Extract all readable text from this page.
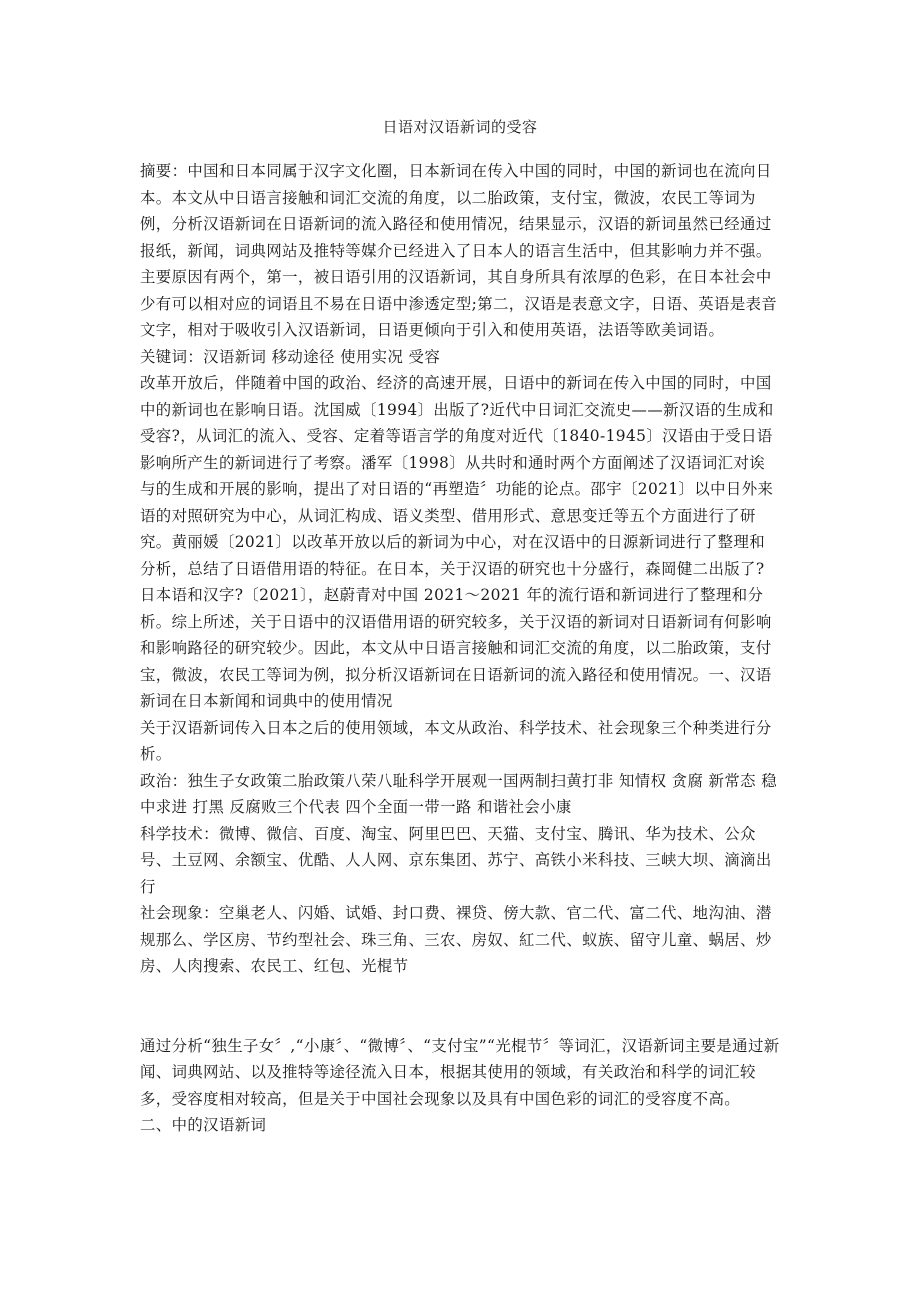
日语对汉语新词的受容

摘要：中国和日本同属于汉字文化圈，日本新词在传入中国的同时，中国的新词也在流向日本。本文从中日语言接触和词汇交流的角度，以二胎政策，支付宝，微波，农民工等词为例，分析汉语新词在日语新词的流入路径和使用情况，结果显示，汉语的新词虽然已经通过报纸，新闻，词典网站及推特等媒介已经进入了日本人的语言生活中，但其影响力并不强。主要原因有两个，第一，被日语引用的汉语新词，其自身所具有浓厚的色彩，在日本社会中少有可以相对应的词语且不易在日语中渗透定型;第二，汉语是表意文字，日语、英语是表音文字，相对于吸收引入汉语新词，日语更倾向于引入和使用英语，法语等欧美词语。

关键词：汉语新词 移动途径 使用实况 受容

改革开放后，伴随着中国的政治、经济的高速开展，日语中的新词在传入中国的同时，中国中的新词也在影响日语。沈国威〔1994〕出版了?近代中日词汇交流史——新汉语的生成和受容?，从词汇的流入、受容、定着等语言学的角度对近代〔1840-1945〕汉语由于受日语影响所产生的新词进行了考察。潘军〔1998〕从共时和通时两个方面阐述了汉语词汇对诶与的生成和开展的影响，提出了对日语的“再塑造〞功能的论点。邵宇〔2021〕以中日外来语的对照研究为中心，从词汇构成、语义类型、借用形式、意思变迁等五个方面进行了研究。黄丽媛〔2021〕以改革开放以后的新词为中心，对在汉语中的日源新词进行了整理和分析，总结了日语借用语的特征。在日本，关于汉语的研究也十分盛行，森岡健二出版了?日本语和汉字?〔2021〕，赵蔚青对中国 2021～2021 年的流行语和新词进行了整理和分析。综上所述，关于日语中的汉语借用语的研究较多，关于汉语的新词对日语新词有何影响和影响路径的研究较少。因此，本文从中日语言接触和词汇交流的角度，以二胎政策，支付宝，微波，农民工等词为例，拟分析汉语新词在日语新词的流入路径和使用情况。一、汉语新词在日本新闻和词典中的使用情况

关于汉语新词传入日本之后的使用领域，本文从政治、科学技术、社会现象三个种类进行分析。

政治：独生子女政策二胎政策八荣八耻科学开展观一国两制扫黄打非 知情权 贪腐 新常态 稳中求进 打黑 反腐败三个代表 四个全面一带一路 和谐社会小康

科学技术：微博、微信、百度、淘宝、阿里巴巴、天猫、支付宝、腾讯、华为技术、公众号、土豆网、余额宝、优酷、人人网、京东集团、苏宁、高铁小米科技、三峡大坝、滴滴出行

社会现象：空巢老人、闪婚、试婚、封口费、裸贷、傍大款、官二代、富二代、地沟油、潜规那么、学区房、节约型社会、珠三角、三农、房奴、紅二代、蚁族、留守儿童、蜗居、炒房、人肉搜索、农民工、红包、光棍节

通过分析“独生子女〞,“小康〞、“微博〞、“支付宝”“光棍节〞等词汇，汉语新词主要是通过新闻、词典网站、以及推特等途径流入日本，根据其使用的领域，有关政治和科学的词汇较多，受容度相对较高，但是关于中国社会现象以及具有中国色彩的词汇的受容度不高。

二、中的汉语新词
